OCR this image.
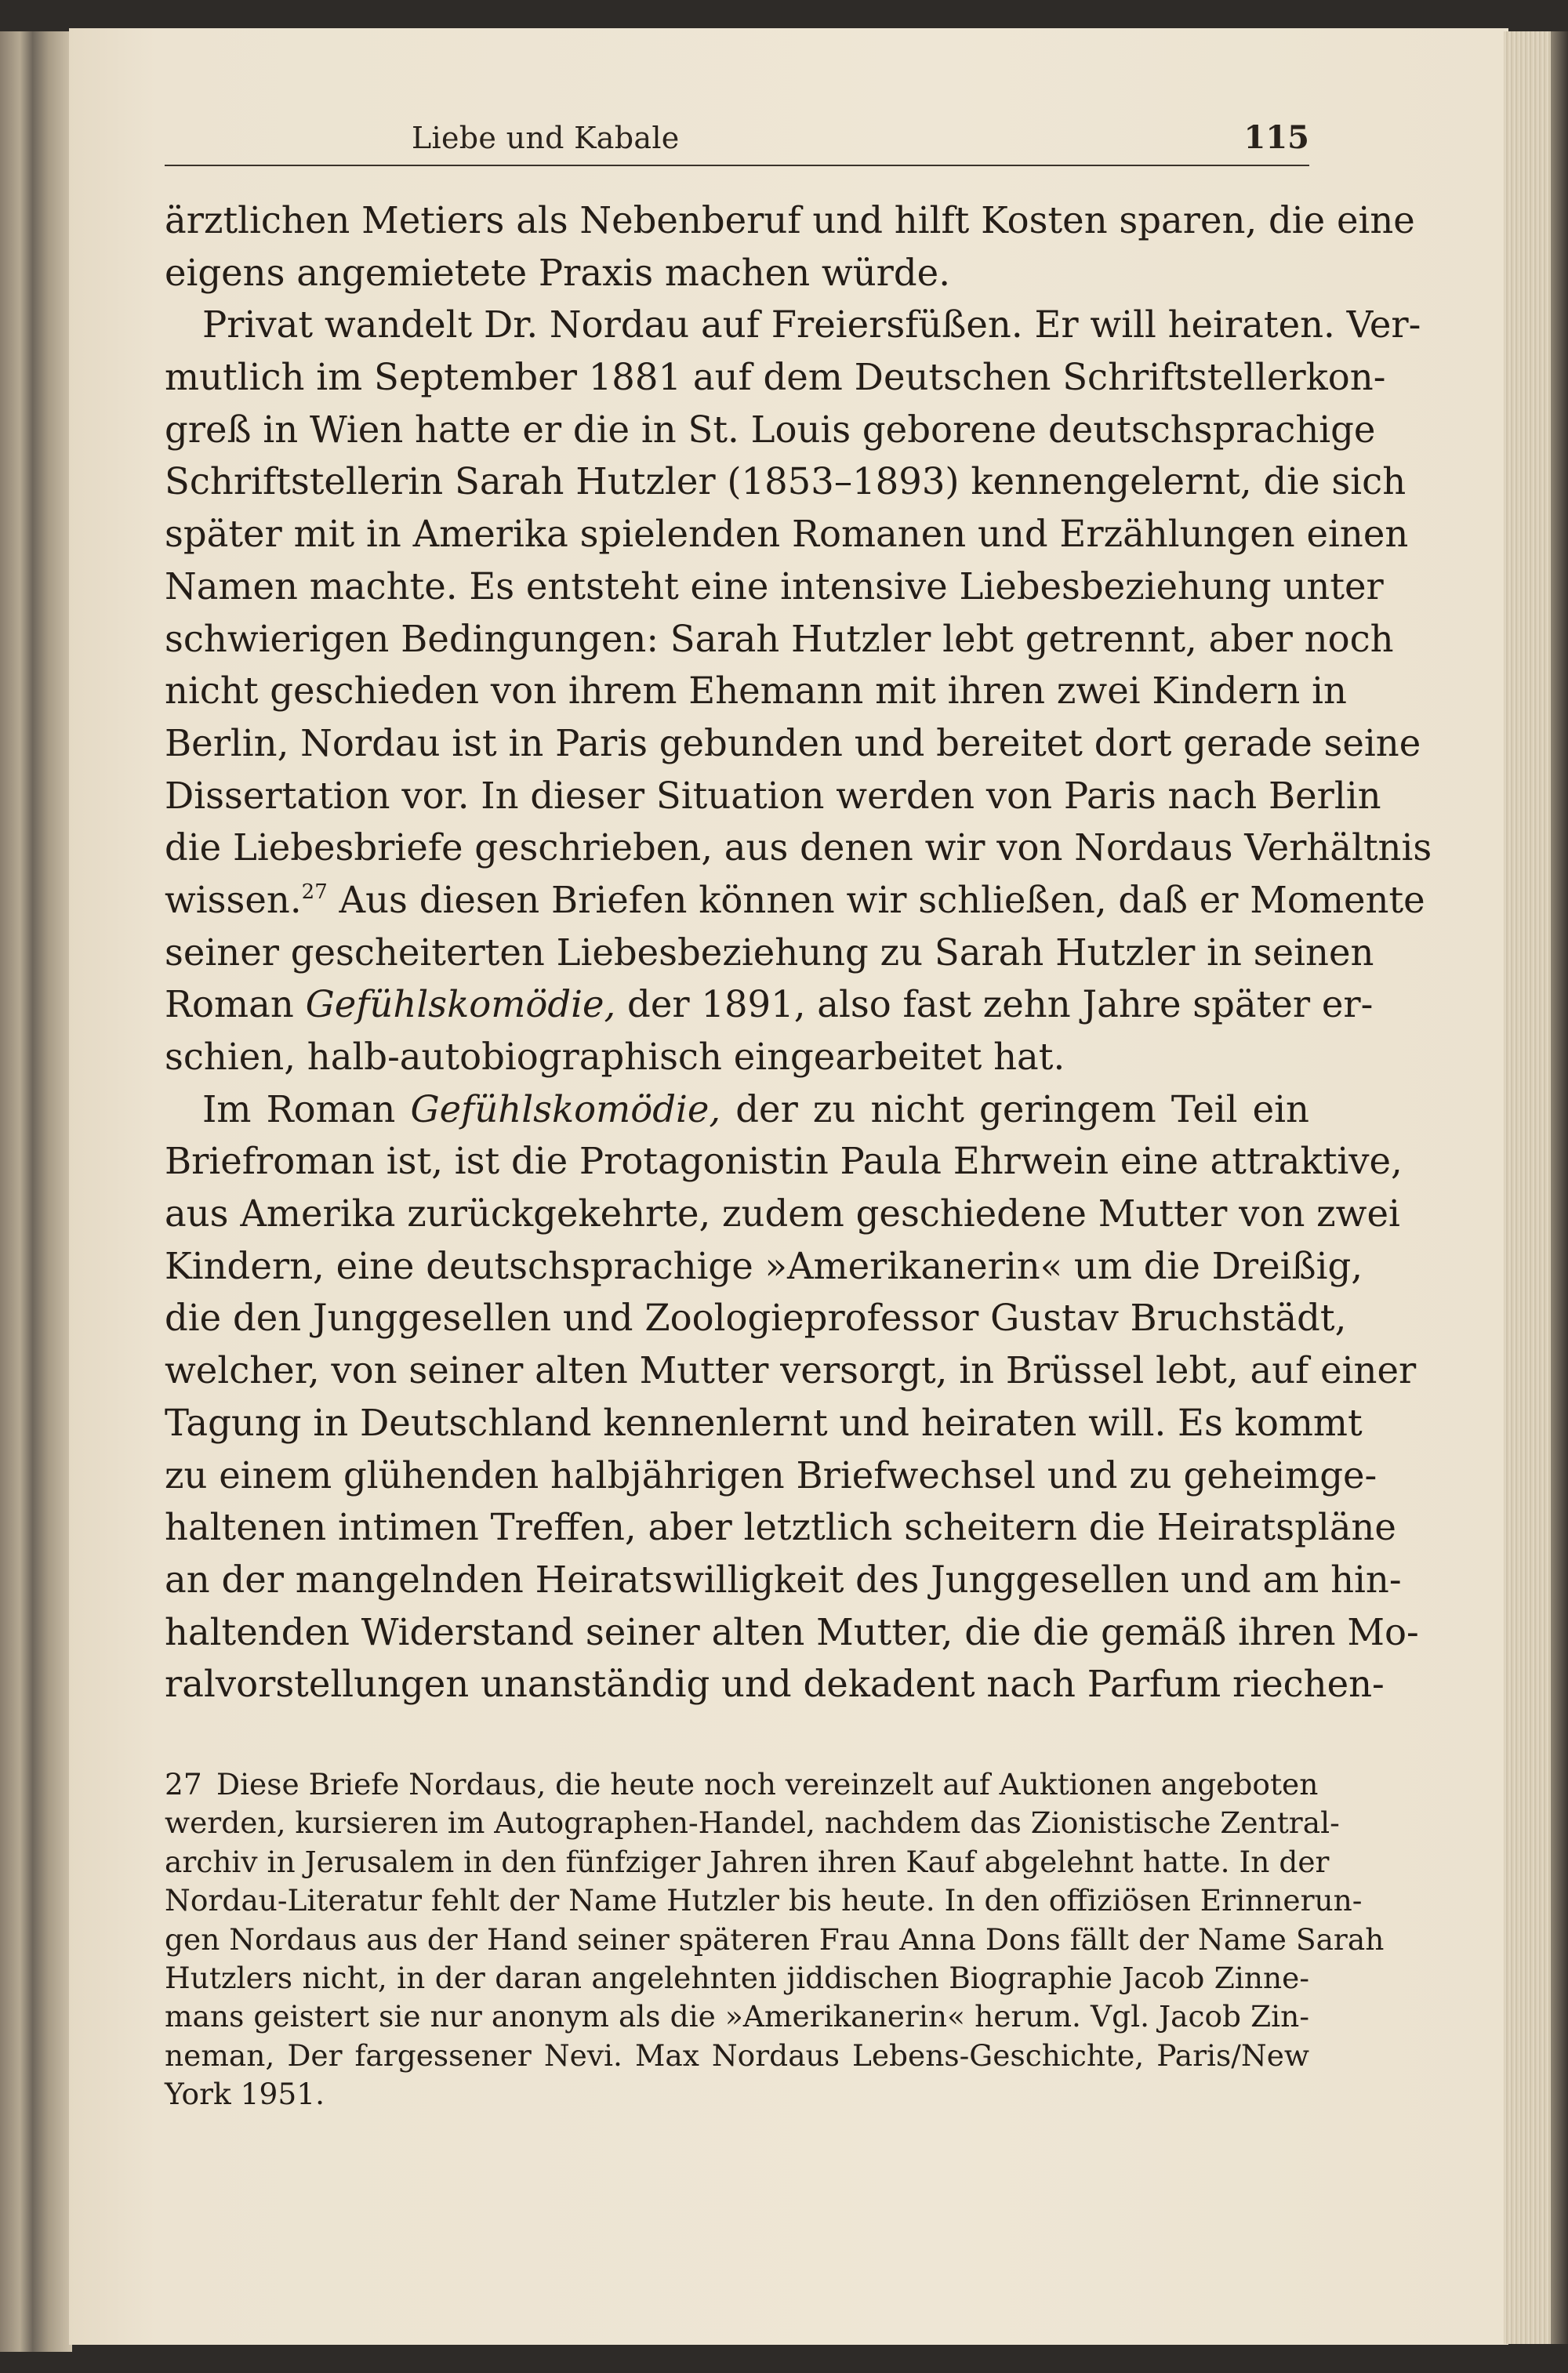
Liebe und Kabale	115
ärztlichen Metiers als Nebenberuf und hilft Kosten sparen, die eine
eigens angemietete Praxis machen würde.
Privat wandelt Dr. Nordau auf Freiersfüßen. Er will heiraten. Ver-
mutlich im September 1881 auf dem Deutschen Schriftstellerkon-
greß in Wien hatte er die in St. Louis geborene deutschsprachige
Schriftstellerin Sarah Hutzler (1853–1893) kennengelernt, die sich
später mit in Amerika spielenden Romanen und Erzählungen einen
Namen machte. Es entsteht eine intensive Liebesbeziehung unter
schwierigen Bedingungen: Sarah Hutzler lebt getrennt, aber noch
nicht geschieden von ihrem Ehemann mit ihren zwei Kindern in
Berlin, Nordau ist in Paris gebunden und bereitet dort gerade seine
Dissertation vor. In dieser Situation werden von Paris nach Berlin
die Liebesbriefe geschrieben, aus denen wir von Nordaus Verhältnis
wissen.$^{27}$ Aus diesen Briefen können wir schließen, daß er Momente
seiner gescheiterten Liebesbeziehung zu Sarah Hutzler in seinen
Roman Gefühlskomödie, der 1891, also fast zehn Jahre später er-
schien, halb-autobiographisch eingearbeitet hat.
Im Roman Gefühlskomödie, der zu nicht geringem Teil ein
Briefroman ist, ist die Protagonistin Paula Ehrwein eine attraktive,
aus Amerika zurückgekehrte, zudem geschiedene Mutter von zwei
Kindern, eine deutschsprachige »Amerikanerin« um die Dreißig,
die den Junggesellen und Zoologieprofessor Gustav Bruchstädt,
welcher, von seiner alten Mutter versorgt, in Brüssel lebt, auf einer
Tagung in Deutschland kennenlernt und heiraten will. Es kommt
zu einem glühenden halbjährigen Briefwechsel und zu geheimge-
haltenen intimen Treffen, aber letztlich scheitern die Heiratspläne
an der mangelnden Heiratswilligkeit des Junggesellen und am hin-
haltenden Widerstand seiner alten Mutter, die die gemäß ihren Mo-
ralvorstellungen unanständig und dekadent nach Parfum riechen-
27 Diese Briefe Nordaus, die heute noch vereinzelt auf Auktionen angeboten
werden, kursieren im Autographen-Handel, nachdem das Zionistische Zentral-
archiv in Jerusalem in den fünfziger Jahren ihren Kauf abgelehnt hatte. In der
Nordau-Literatur fehlt der Name Hutzler bis heute. In den offiziösen Erinnerun-
gen Nordaus aus der Hand seiner späteren Frau Anna Dons fällt der Name Sarah
Hutzlers nicht, in der daran angelehnten jiddischen Biographie Jacob Zinne-
mans geistert sie nur anonym als die »Amerikanerin« herum. Vgl. Jacob Zin-
neman, Der fargessener Nevi. Max Nordaus Lebens-Geschichte, Paris/New
York 1951.
